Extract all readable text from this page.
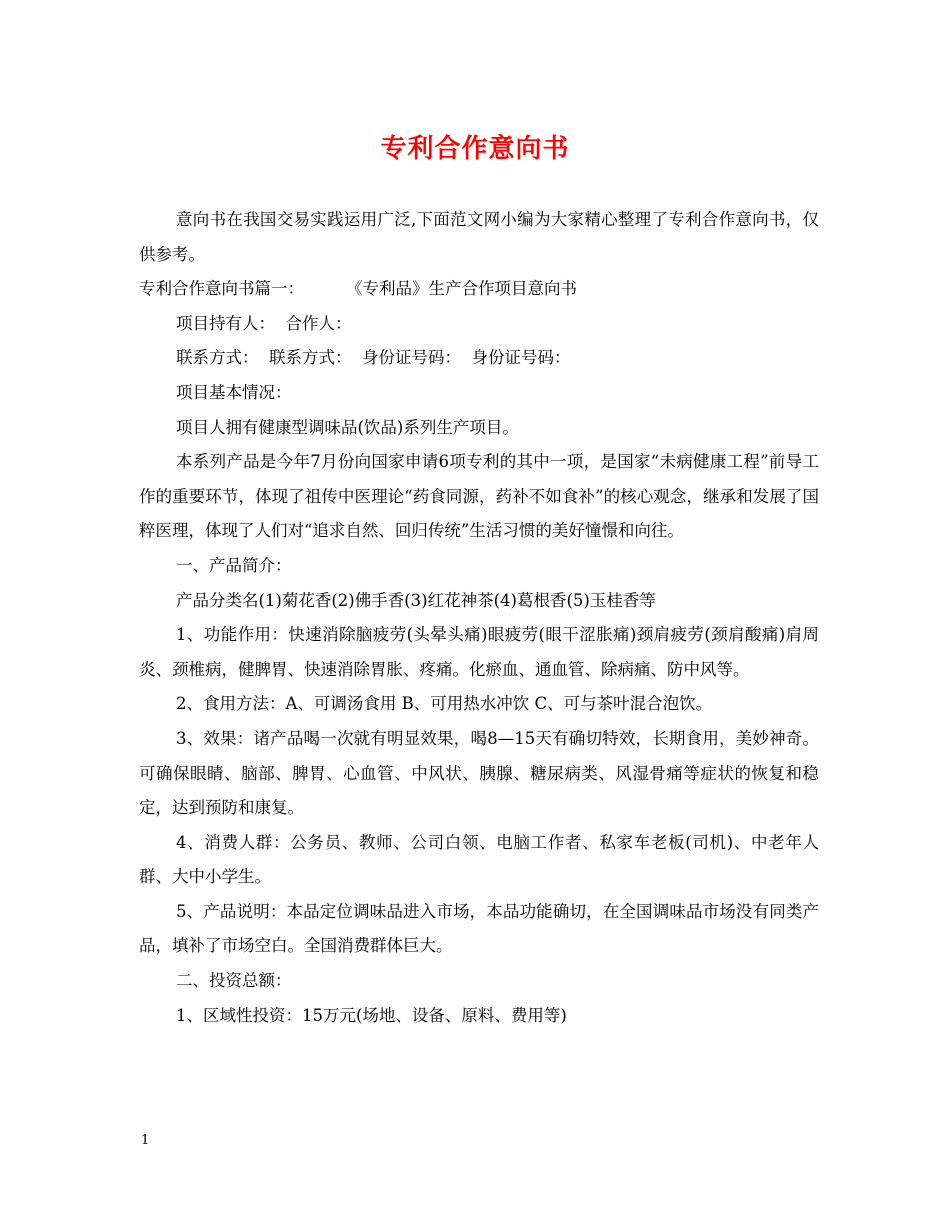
专利合作意向书

意向书在我国交易实践运用广泛,下面范文网小编为大家精心整理了专利合作意向书，仅供参考。

专利合作意向书篇一：        《专利品》生产合作项目意向书

项目持有人：  合作人：

联系方式：  联系方式：  身份证号码：  身份证号码：

项目基本情况：

项目人拥有健康型调味品(饮品)系列生产项目。

本系列产品是今年7月份向国家申请6项专利的其中一项，是国家“未病健康工程”前导工作的重要环节，体现了祖传中医理论“药食同源，药补不如食补”的核心观念，继承和发展了国粹医理，体现了人们对“追求自然、回归传统”生活习惯的美好憧憬和向往。

一、产品简介：

产品分类名(1)菊花香(2)佛手香(3)红花神茶(4)葛根香(5)玉桂香等

1、功能作用：快速消除脑疲劳(头晕头痛)眼疲劳(眼干涩胀痛)颈肩疲劳(颈肩酸痛)肩周炎、颈椎病，健脾胃、快速消除胃胀、疼痛。化瘀血、通血管、除病痛、防中风等。

2、食用方法：A、可调汤食用 B、可用热水冲饮 C、可与茶叶混合泡饮。

3、效果：诸产品喝一次就有明显效果，喝8—15天有确切特效，长期食用，美妙神奇。可确保眼睛、脑部、脾胃、心血管、中风状、胰腺、糖尿病类、风湿骨痛等症状的恢复和稳定，达到预防和康复。

4、消费人群：公务员、教师、公司白领、电脑工作者、私家车老板(司机)、中老年人群、大中小学生。

5、产品说明：本品定位调味品进入市场，本品功能确切，在全国调味品市场没有同类产品，填补了市场空白。全国消费群体巨大。

二、投资总额：

1、区域性投资：15万元(场地、设备、原料、费用等)

1
